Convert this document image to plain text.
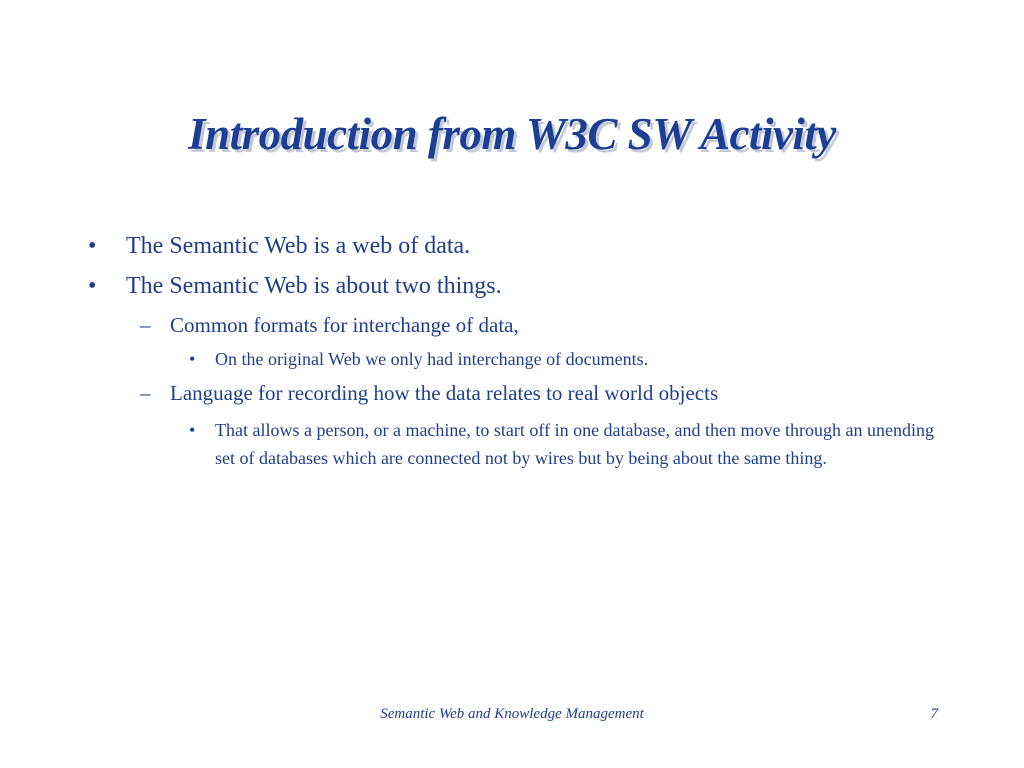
Introduction from W3C SW Activity
• The Semantic Web is a web of data.
• The Semantic Web is about two things.
– Common formats for interchange of data,
• On the original Web we only had interchange of documents.
– Language for recording how the data relates to real world objects
• That allows a person, or a machine, to start off in one database, and then move through an unending set of databases which are connected not by wires but by being about the same thing.
Semantic Web and Knowledge Management	7
